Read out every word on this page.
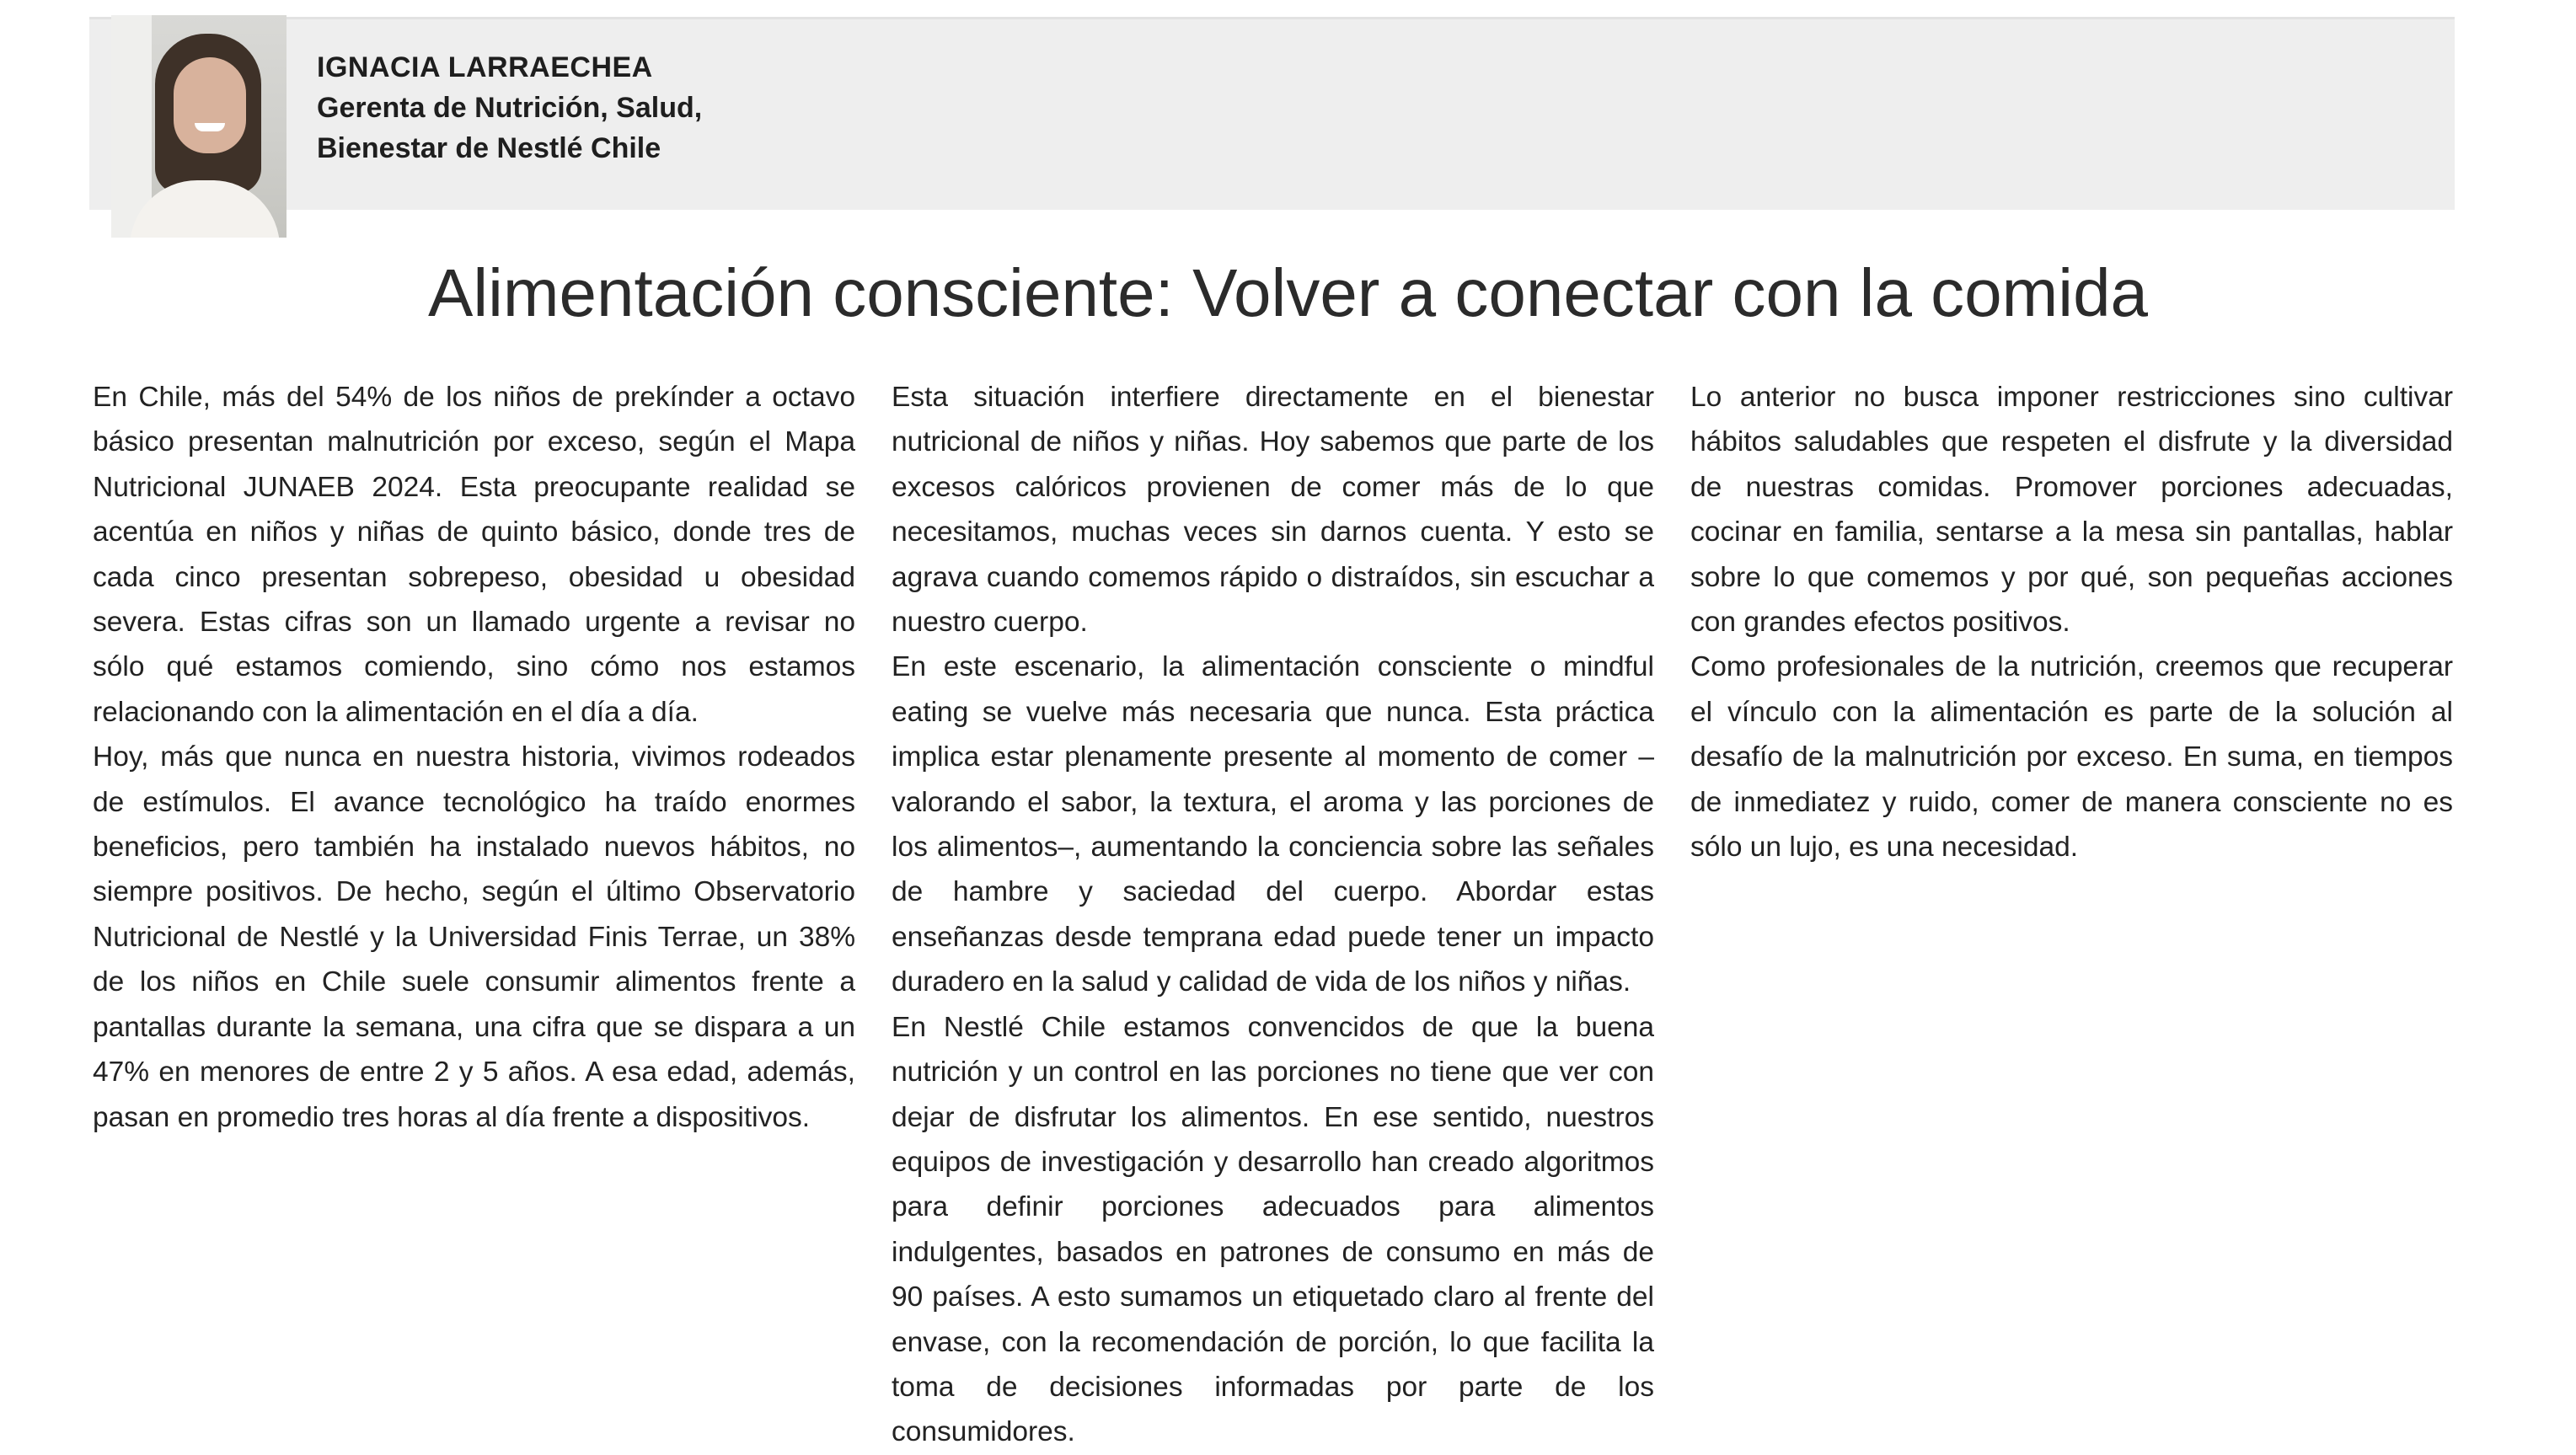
IGNACIA LARRAECHEA
Gerenta de Nutrición, Salud,
Bienestar de Nestlé Chile
Alimentación consciente: Volver a conectar con la comida

En Chile, más del 54% de los niños de prekínder a octavo básico presentan malnutrición por exceso, según el Mapa Nutricional JUNAEB 2024. Esta preocupante realidad se acentúa en niños y niñas de quinto básico, donde tres de cada cinco presentan sobrepeso, obesidad u obesidad severa. Estas cifras son un llamado urgente a revisar no sólo qué estamos comiendo, sino cómo nos estamos relacionando con la alimentación en el día a día.

Hoy, más que nunca en nuestra historia, vivimos rodeados de estímulos. El avance tecnológico ha traído enormes beneficios, pero también ha instalado nuevos hábitos, no siempre positivos. De hecho, según el último Observatorio Nutricional de Nestlé y la Universidad Finis Terrae, un 38% de los niños en Chile suele consumir alimentos frente a pantallas durante la semana, una cifra que se dispara a un 47% en menores de entre 2 y 5 años. A esa edad, además, pasan en promedio tres horas al día frente a dispositivos.

Esta situación interfiere directamente en el bienestar nutricional de niños y niñas. Hoy sabemos que parte de los excesos calóricos provienen de comer más de lo que necesitamos, muchas veces sin darnos cuenta. Y esto se agrava cuando comemos rápido o distraídos, sin escuchar a nuestro cuerpo.

En este escenario, la alimentación consciente o mindful eating se vuelve más necesaria que nunca. Esta práctica implica estar plenamente presente al momento de comer –valorando el sabor, la textura, el aroma y las porciones de los alimentos–, aumentando la conciencia sobre las señales de hambre y saciedad del cuerpo. Abordar estas enseñanzas desde temprana edad puede tener un impacto duradero en la salud y calidad de vida de los niños y niñas.

En Nestlé Chile estamos convencidos de que la buena nutrición y un control en las porciones no tiene que ver con dejar de disfrutar los alimentos. En ese sentido, nuestros equipos de investigación y desarrollo han creado algoritmos para definir porciones adecuados para alimentos indulgentes, basados en patrones de consumo en más de 90 países. A esto sumamos un etiquetado claro al frente del envase, con la recomendación de porción, lo que facilita la toma de decisiones informadas por parte de los consumidores.

Lo anterior no busca imponer restricciones sino cultivar hábitos saludables que respeten el disfrute y la diversidad de nuestras comidas. Promover porciones adecuadas, cocinar en familia, sentarse a la mesa sin pantallas, hablar sobre lo que comemos y por qué, son pequeñas acciones con grandes efectos positivos.

Como profesionales de la nutrición, creemos que recuperar el vínculo con la alimentación es parte de la solución al desafío de la malnutrición por exceso. En suma, en tiempos de inmediatez y ruido, comer de manera consciente no es sólo un lujo, es una necesidad.
